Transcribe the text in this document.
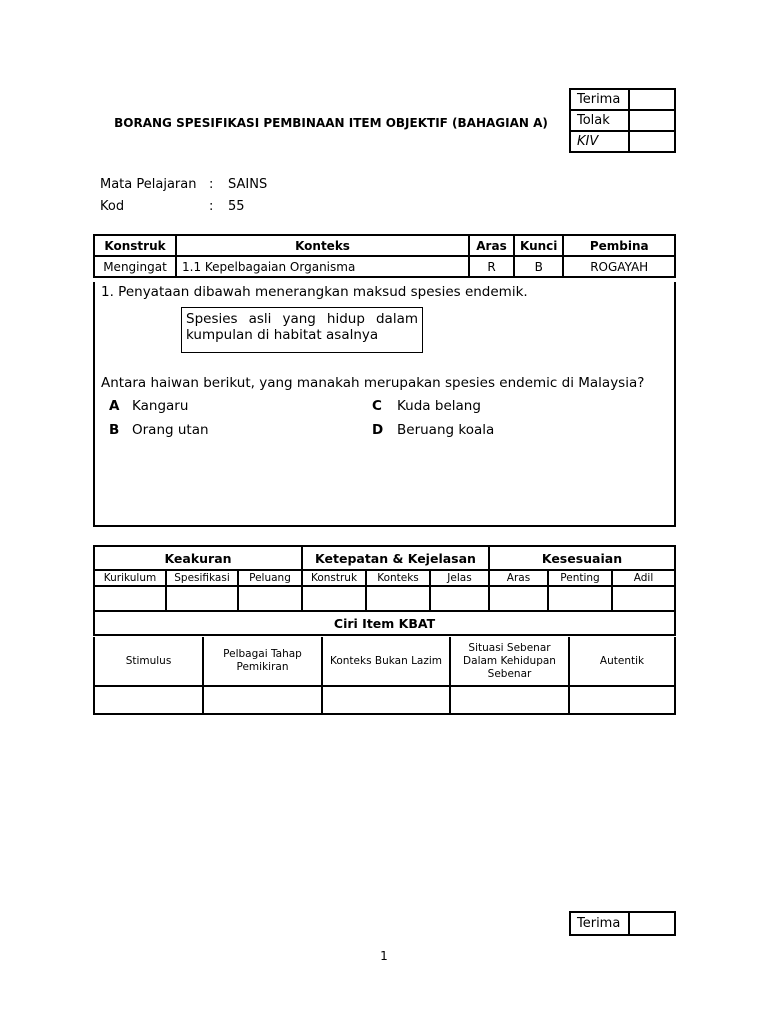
Terima	
Tolak	
KIV	
BORANG SPESIFIKASI PEMBINAAN ITEM OBJEKTIF (BAHAGIAN A)
Mata Pelajaran : SAINS
Kod	: 55
Konstruk	Konteks	Aras	Kunci	Pembina
Mengingat	1.1 Kepelbagaian Organisma	R	B	ROGAYAH
1. Penyataan dibawah menerangkan maksud spesies endemik.
Spesies asli yang hidup dalam
kumpulan di habitat asalnya
Antara haiwan berikut, yang manakah merupakan spesies endemic di Malaysia?
A Kangaru
B Orang utan
C Kuda belang
D Beruang koala
Keakuran			Ketepatan & Kejelasan			Kesesuaian		
Kurikulum	Spesifikasi	Peluang	Konstruk	Konteks	Jelas	Aras	Penting	Adil

Ciri Item KBAT								
Stimulus	Pelbagai Tahap Pemikiran	Konteks Bukan Lazim	Situasi Sebenar Dalam Kehidupan Sebenar	Autentik

Terima	
1
